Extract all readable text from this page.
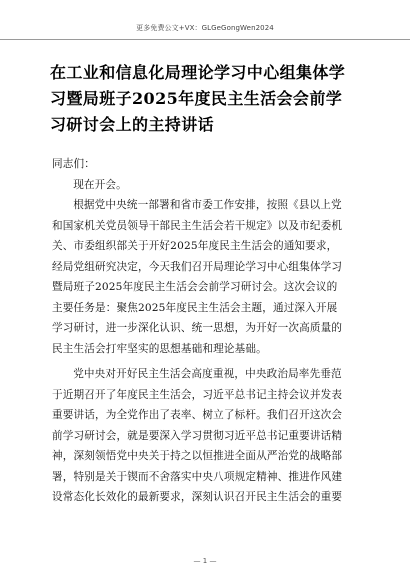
更多免费公文+VX：GLGeGongWen2024
在工业和信息化局理论学习中心组集体学
习暨局班子2025年度民主生活会会前学
习研讨会上的主持讲话
同志们：
现在开会。
根据党中央统一部署和省市委工作安排，按照《县以上党
和国家机关党员领导干部民主生活会若干规定》以及市纪委机
关、市委组织部关于开好2025年度民主生活会的通知要求，
经局党组研究决定，今天我们召开局理论学习中心组集体学习
暨局班子2025年度民主生活会会前学习研讨会。这次会议的
主要任务是：聚焦2025年度民主生活会主题，通过深入开展
学习研讨，进一步深化认识、统一思想，为开好一次高质量的
民主生活会打牢坚实的思想基础和理论基础。
党中央对开好民主生活会高度重视，中央政治局率先垂范
于近期召开了年度民主生活会，习近平总书记主持会议并发表
重要讲话，为全党作出了表率、树立了标杆。我们召开这次会
前学习研讨会，就是要深入学习贯彻习近平总书记重要讲话精
神，深刻领悟党中央关于持之以恒推进全面从严治党的战略部
署，特别是关于锲而不舍落实中央八项规定精神、推进作风建
设常态化长效化的最新要求，深刻认识召开民主生活会的重要
— 1 —
